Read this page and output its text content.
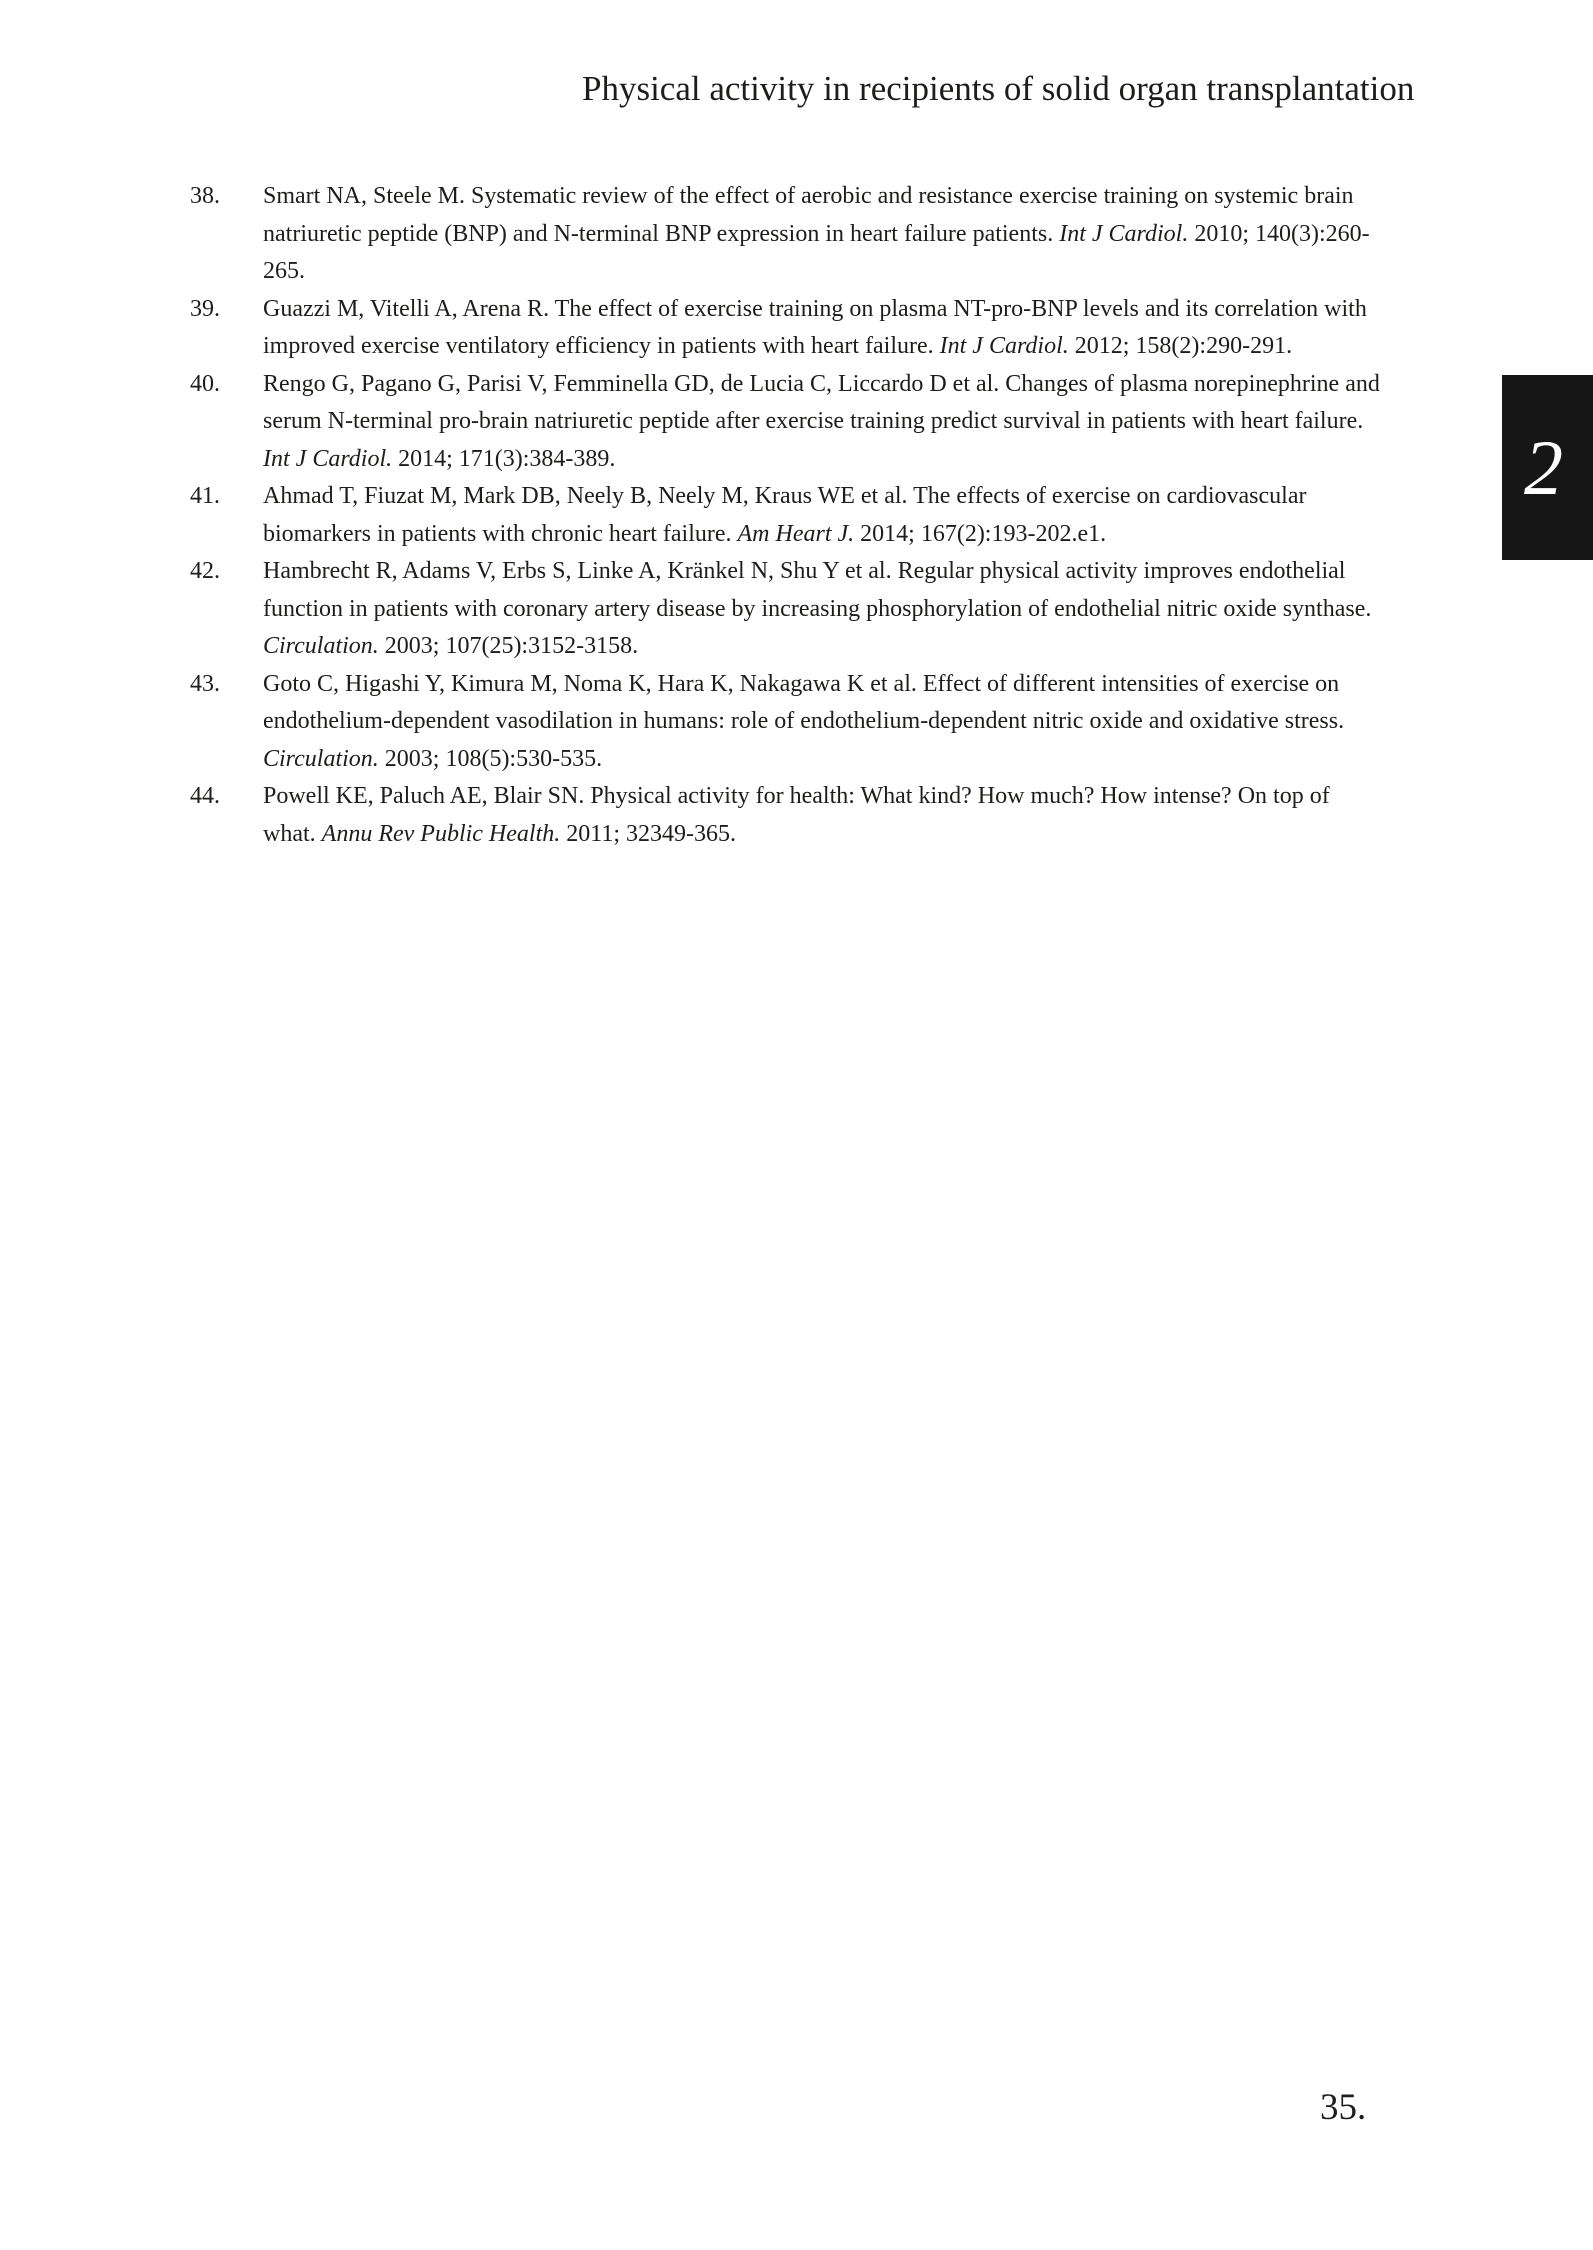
Physical activity in recipients of solid organ transplantation
38.	Smart NA, Steele M. Systematic review of the effect of aerobic and resistance exercise training on systemic brain natriuretic peptide (BNP) and N-terminal BNP expression in heart failure patients. Int J Cardiol. 2010; 140(3):260-265.
39.	Guazzi M, Vitelli A, Arena R. The effect of exercise training on plasma NT-pro-BNP levels and its correlation with improved exercise ventilatory efficiency in patients with heart failure. Int J Cardiol. 2012; 158(2):290-291.
40.	Rengo G, Pagano G, Parisi V, Femminella GD, de Lucia C, Liccardo D et al. Changes of plasma norepinephrine and serum N-terminal pro-brain natriuretic peptide after exercise training predict survival in patients with heart failure. Int J Cardiol. 2014; 171(3):384-389.
41.	Ahmad T, Fiuzat M, Mark DB, Neely B, Neely M, Kraus WE et al. The effects of exercise on cardiovascular biomarkers in patients with chronic heart failure. Am Heart J. 2014; 167(2):193-202.e1.
42.	Hambrecht R, Adams V, Erbs S, Linke A, Kränkel N, Shu Y et al. Regular physical activity improves endothelial function in patients with coronary artery disease by increasing phosphorylation of endothelial nitric oxide synthase. Circulation. 2003; 107(25):3152-3158.
43.	Goto C, Higashi Y, Kimura M, Noma K, Hara K, Nakagawa K et al. Effect of different intensities of exercise on endothelium-dependent vasodilation in humans: role of endothelium-dependent nitric oxide and oxidative stress. Circulation. 2003; 108(5):530-535.
44.	Powell KE, Paluch AE, Blair SN. Physical activity for health: What kind? How much? How intense? On top of what. Annu Rev Public Health. 2011; 32349-365.
2
35.
